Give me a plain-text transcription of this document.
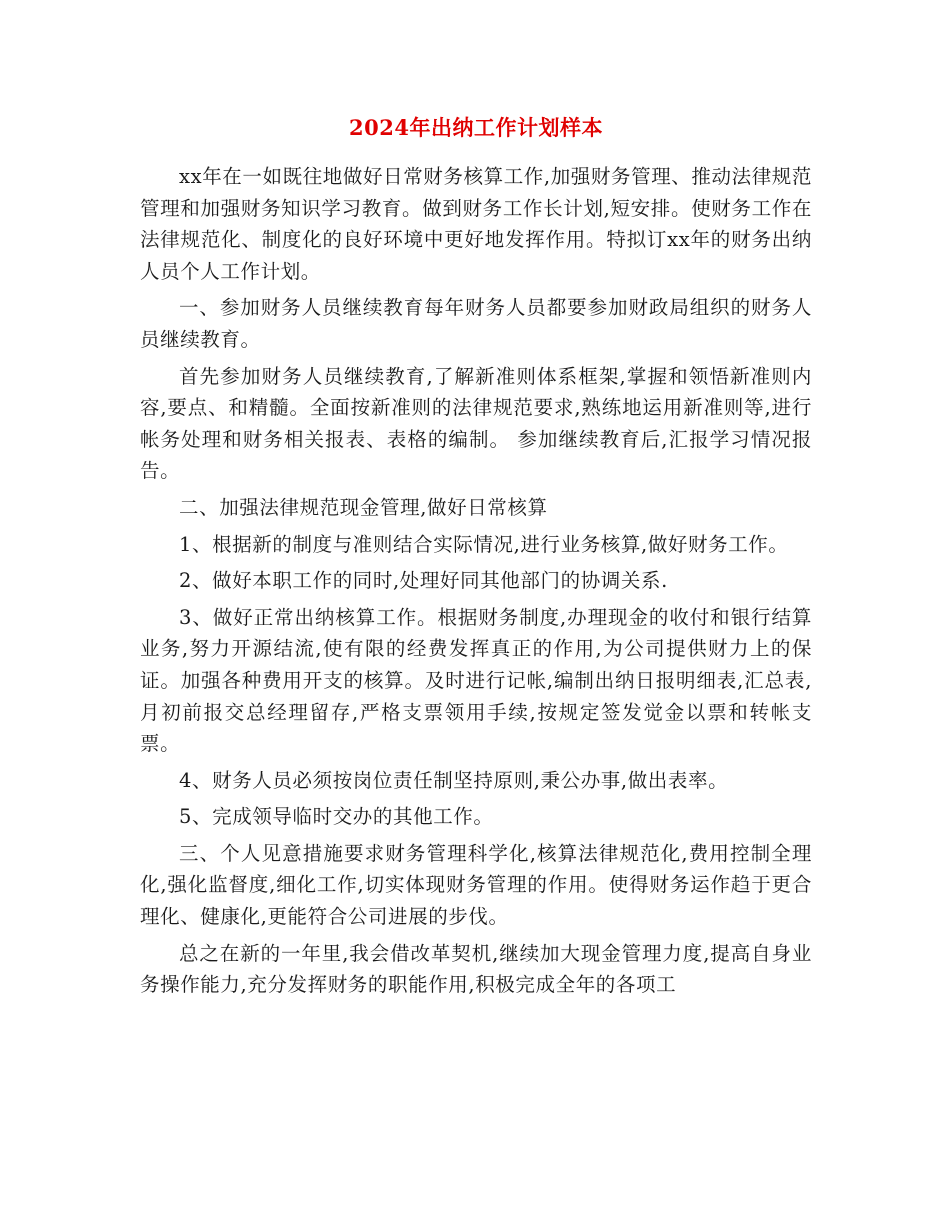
2024年出纳工作计划样本

xx年在一如既往地做好日常财务核算工作,加强财务管理、推动法律规范管理和加强财务知识学习教育。做到财务工作长计划,短安排。使财务工作在法律规范化、制度化的良好环境中更好地发挥作用。特拟订xx年的财务出纳人员个人工作计划。

一、参加财务人员继续教育每年财务人员都要参加财政局组织的财务人员继续教育。

首先参加财务人员继续教育,了解新准则体系框架,掌握和领悟新准则内容,要点、和精髓。全面按新准则的法律规范要求,熟练地运用新准则等,进行帐务处理和财务相关报表、表格的编制。 参加继续教育后,汇报学习情况报告。

二、加强法律规范现金管理,做好日常核算

1、根据新的制度与准则结合实际情况,进行业务核算,做好财务工作。

2、做好本职工作的同时,处理好同其他部门的协调关系.

3、做好正常出纳核算工作。根据财务制度,办理现金的收付和银行结算业务,努力开源结流,使有限的经费发挥真正的作用,为公司提供财力上的保证。加强各种费用开支的核算。及时进行记帐,编制出纳日报明细表,汇总表,月初前报交总经理留存,严格支票领用手续,按规定签发觉金以票和转帐支票。

4、财务人员必须按岗位责任制坚持原则,秉公办事,做出表率。

5、完成领导临时交办的其他工作。

三、个人见意措施要求财务管理科学化,核算法律规范化,费用控制全理化,强化监督度,细化工作,切实体现财务管理的作用。使得财务运作趋于更合理化、健康化,更能符合公司进展的步伐。

总之在新的一年里,我会借改革契机,继续加大现金管理力度,提高自身业务操作能力,充分发挥财务的职能作用,积极完成全年的各项工
